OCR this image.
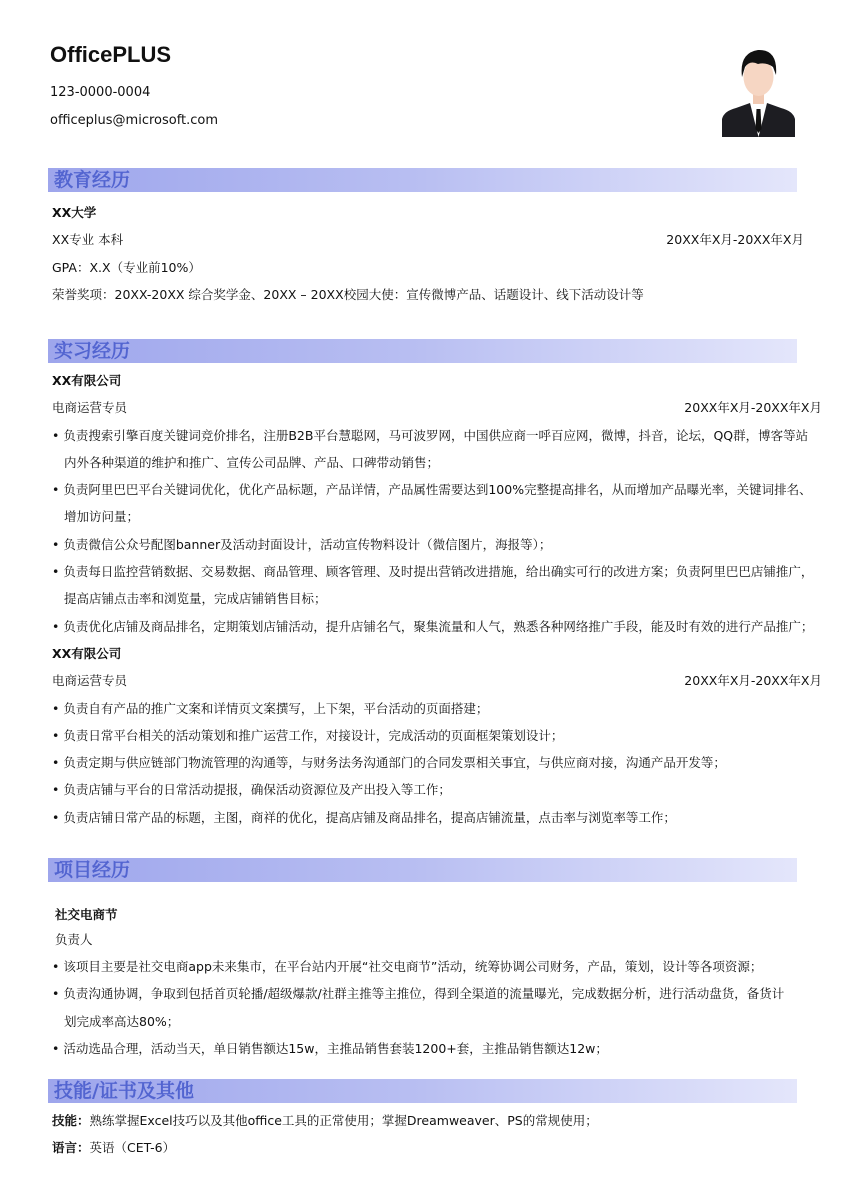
OfficePLUS
123-0000-0004
officeplus@microsoft.com
教育经历
XX大学
XX专业 本科	20XX年X月-20XX年X月
GPA：X.X（专业前10%）
荣誉奖项：20XX-20XX 综合奖学金、20XX – 20XX校园大使：宣传微博产品、话题设计、线下活动设计等
实习经历
XX有限公司
电商运营专员	20XX年X月-20XX年X月
• 负责搜索引擎百度关键词竞价排名，注册B2B平台慧聪网，马可波罗网，中国供应商一呼百应网，微博，抖音，论坛，QQ群，博客等站
内外各种渠道的维护和推广、宣传公司品牌、产品、口碑带动销售；
• 负责阿里巴巴平台关键词优化，优化产品标题，产品详情，产品属性需要达到100%完整提高排名，从而增加产品曝光率，关键词排名、
增加访问量；
• 负责微信公众号配图banner及活动封面设计，活动宣传物料设计（微信图片，海报等）；
• 负责每日监控营销数据、交易数据、商品管理、顾客管理、及时提出营销改进措施，给出确实可行的改进方案；负责阿里巴巴店铺推广，
提高店铺点击率和浏览量，完成店铺销售目标；
• 负责优化店铺及商品排名，定期策划店铺活动，提升店铺名气，聚集流量和人气，熟悉各种网络推广手段，能及时有效的进行产品推广；
XX有限公司
电商运营专员	20XX年X月-20XX年X月
• 负责自有产品的推广文案和详情页文案撰写，上下架，平台活动的页面搭建；
• 负责日常平台相关的活动策划和推广运营工作，对接设计，完成活动的页面框架策划设计；
• 负责定期与供应链部门物流管理的沟通等，与财务法务沟通部门的合同发票相关事宜，与供应商对接，沟通产品开发等；
• 负责店铺与平台的日常活动提报，确保活动资源位及产出投入等工作；
• 负责店铺日常产品的标题，主图，商祥的优化，提高店铺及商品排名，提高店铺流量，点击率与浏览率等工作；
项目经历
社交电商节
负责人
• 该项目主要是社交电商app未来集市，在平台站内开展“社交电商节”活动，统筹协调公司财务，产品，策划，设计等各项资源；
• 负责沟通协调，争取到包括首页轮播/超级爆款/社群主推等主推位，得到全渠道的流量曝光，完成数据分析，进行活动盘货，备货计
划完成率高达80%；
• 活动选品合理，活动当天，单日销售额达15w，主推品销售套装1200+套，主推品销售额达12w；
技能/证书及其他
技能：熟练掌握Excel技巧以及其他office工具的正常使用；掌握Dreamweaver、PS的常规使用；
语言：英语（CET-6）
